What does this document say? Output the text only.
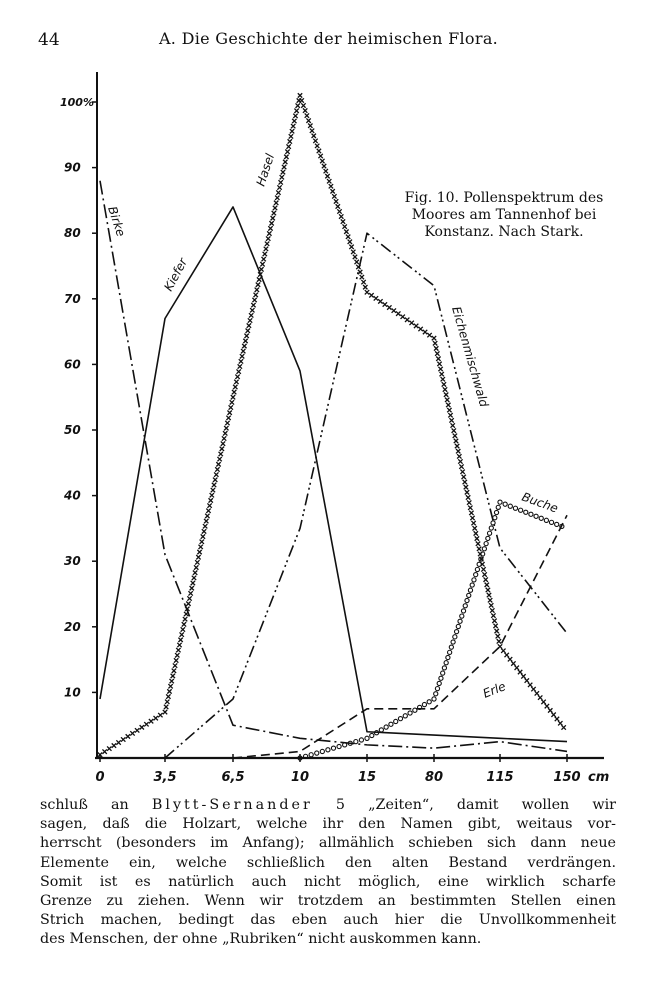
44	A. Die Geschichte der heimischen Flora.
10
20
30
40
50
60
70
80
90
100%
0	3,5	6,5	10	15	80	115	150 cm
Birke
Kiefer
Hasel
Eichenmischwald
Buche
Erle
Fig. 10. Pollenspektrum des
Moores am Tannenhof bei
Konstanz. Nach Stark.
schluß an Blytt-Sernander 5 „Zeiten“, damit wollen wir
sagen, daß die Holzart, welche ihr den Namen gibt, weitaus vor-
herrscht (besonders im Anfang); allmählich schieben sich dann neue
Elemente ein, welche schließlich den alten Bestand verdrängen.
Somit ist es natürlich auch nicht möglich, eine wirklich scharfe
Grenze zu ziehen. Wenn wir trotzdem an bestimmten Stellen einen
Strich machen, bedingt das eben auch hier die Unvollkommenheit
des Menschen, der ohne „Rubriken“ nicht auskommen kann.
